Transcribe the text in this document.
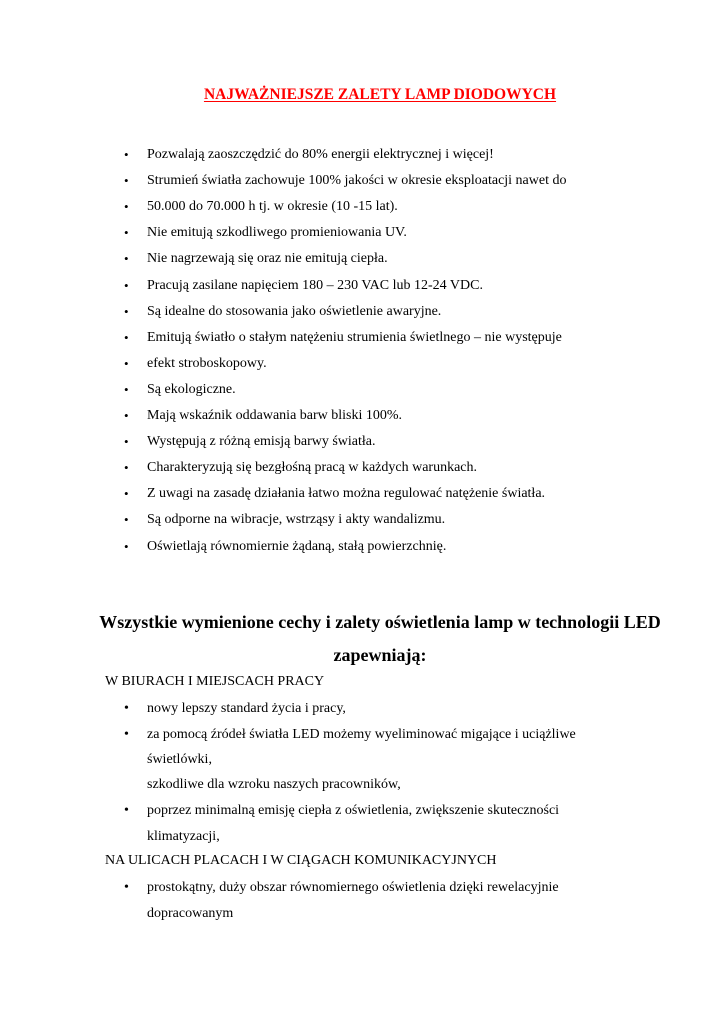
NAJWAŻNIEJSZE ZALETY LAMP DIODOWYCH
• Pozwalają zaoszczędzić do 80% energii elektrycznej i więcej!
• Strumień światła zachowuje 100% jakości w okresie eksploatacji nawet do
• 50.000 do 70.000 h tj. w okresie (10 -15 lat).
• Nie emitują szkodliwego promieniowania UV.
• Nie nagrzewają się oraz nie emitują ciepła.
• Pracują zasilane napięciem 180 – 230 VAC lub 12-24 VDC.
• Są idealne do stosowania jako oświetlenie awaryjne.
• Emitują światło o stałym natężeniu strumienia świetlnego – nie występuje
• efekt stroboskopowy.
• Są ekologiczne.
• Mają wskaźnik oddawania barw bliski 100%.
• Występują z różną emisją barwy światła.
• Charakteryzują się bezgłośną pracą w każdych warunkach.
• Z uwagi na zasadę działania łatwo można regulować natężenie światła.
• Są odporne na wibracje, wstrząsy i akty wandalizmu.
• Oświetlają równomiernie żądaną, stałą powierzchnię.
Wszystkie wymienione cechy i zalety oświetlenia lamp w technologii LED
zapewniają:
W BIURACH I MIEJSCACH PRACY
• nowy lepszy standard życia i pracy,
• za pomocą źródeł światła LED możemy wyeliminować migające i uciążliwe
świetlówki,
szkodliwe dla wzroku naszych pracowników,
• poprzez minimalną emisję ciepła z oświetlenia, zwiększenie skuteczności
klimatyzacji,
NA ULICACH PLACACH I W CIĄGACH KOMUNIKACYJNYCH
• prostokątny, duży obszar równomiernego oświetlenia dzięki rewelacyjnie
dopracowanym
